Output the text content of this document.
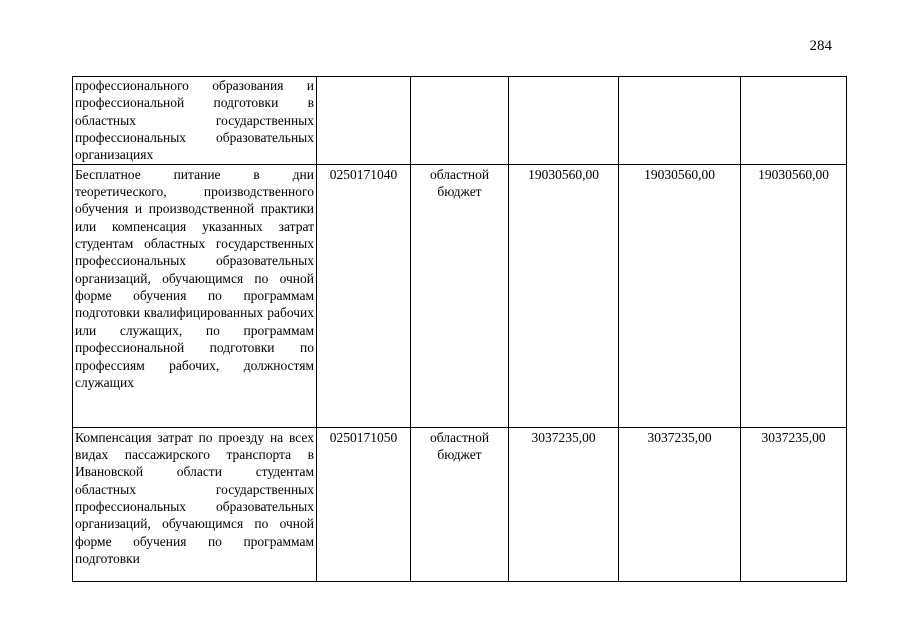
284
профессионального образования и профессиональной подготовки в областных государственных профессиональных образовательных организациях					
Бесплатное питание в дни теоретического, производственного обучения и производственной практики или компенсация указанных затрат студентам областных государственных профессиональных образовательных организаций, обучающимся по очной форме обучения по программам подготовки квалифицированных рабочих или служащих, по программам профессиональной подготовки по профессиям рабочих, должностям служащих	0250171040	областной бюджет	19030560,00	19030560,00	19030560,00
Компенсация затрат по проезду на всех видах пассажирского транспорта в Ивановской области студентам областных государственных профессиональных образовательных организаций, обучающимся по очной форме обучения по программам подготовки	0250171050	областной бюджет	3037235,00	3037235,00	3037235,00
